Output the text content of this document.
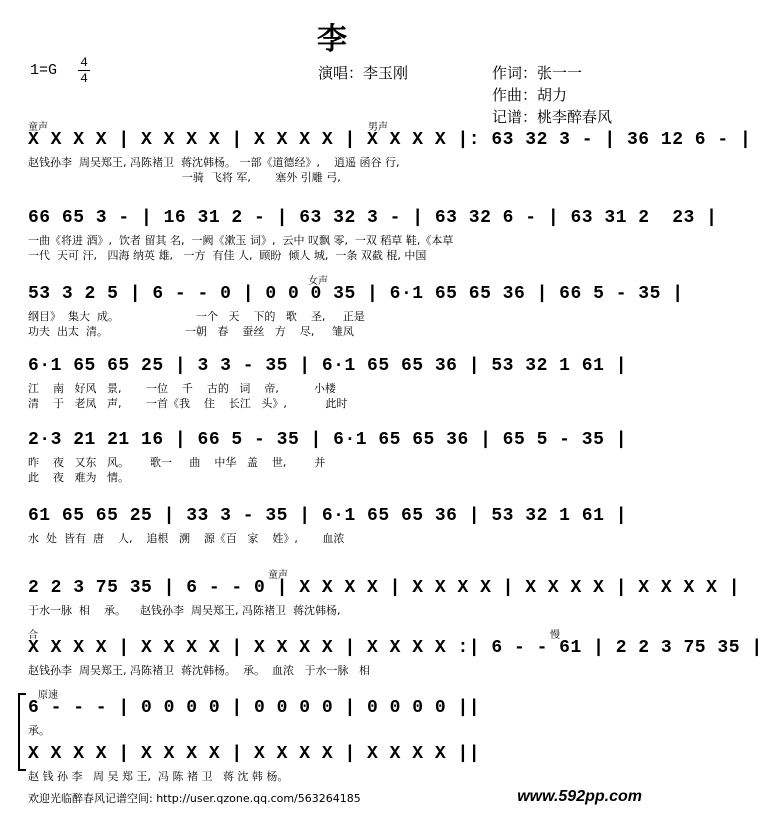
李
1=G 4
4	演唱：李玉刚	作词：张一一
作曲：胡力
记谱：桃李醉春风
童声	男声
X X X X | X X X X | X X X X | X X X X |: 63 32 3 - | 36 12 6 - |
赵钱孙李  周吴郑王, 冯陈褚卫  蒋沈韩杨。 一部《道德经》,    逍遥 函谷 行,
一骑  飞将 军,       塞外 引雕 弓,
66 65 3 - | 16 31 2 - | 63 32 3 - | 63 32 6 - | 63 31 2  23 |
一曲《将进 酒》,  饮者 留其 名,  一阙《漱玉 词》,  云中 叹飘 零,  一双 稻草 鞋,《本草
一代  天可 汗,   四海 纳英 雄,   一方  有佳 人,  顾盼  倾人 城,  一条 双截 棍, 中国
女声
53 3 2 5 | 6 - - 0 | 0 0 0 35 | 6·1 65 65 36 | 66 5 - 35 |
纲目》  集大  成。                      一个   天    下的   歌    圣,     正是
功夫  出太  清。                      一朝   春    蚕丝   方    尽,     雏凤
6·1 65 65 25 | 3 3 - 35 | 6·1 65 65 36 | 53 32 1 61 |
江    南   好风   景,       一位    千    古的   词    帝,          小楼
清    于   老凤   声,       一首《我    住    长江   头》,           此时
2·3 21 21 16 | 66 5 - 35 | 6·1 65 65 36 | 65 5 - 35 |
昨    夜   又东   风。      歌一     曲    中华   盖    世,        并
此    夜   难为   情。
61 65 65 25 | 33 3 - 35 | 6·1 65 65 36 | 53 32 1 61 |
水  处  皆有  唐    人,    追根   溯    源《百   家    姓》,       血浓
童声
2 2 3 75 35 | 6 - - 0 | X X X X | X X X X | X X X X | X X X X |
于水一脉  相    承。    赵钱孙李  周吴郑王, 冯陈褚卫  蒋沈韩杨,
合	慢
X X X X | X X X X | X X X X | X X X X :| 6 - - 61 | 2 2 3 75 35 |
赵钱孙李  周吴郑王, 冯陈褚卫  蒋沈韩杨。  承。  血浓   于水一脉   相
原速
6 - - - | 0 0 0 0 | 0 0 0 0 | 0 0 0 0 ||
承。
X X X X | X X X X | X X X X | X X X X ||
赵 钱 孙 李   周 吴 郑 王,  冯 陈 褚 卫   蒋 沈 韩 杨。
欢迎光临醉春风记谱空间: http://user.qzone.qq.com/563264185	www.592pp.com
